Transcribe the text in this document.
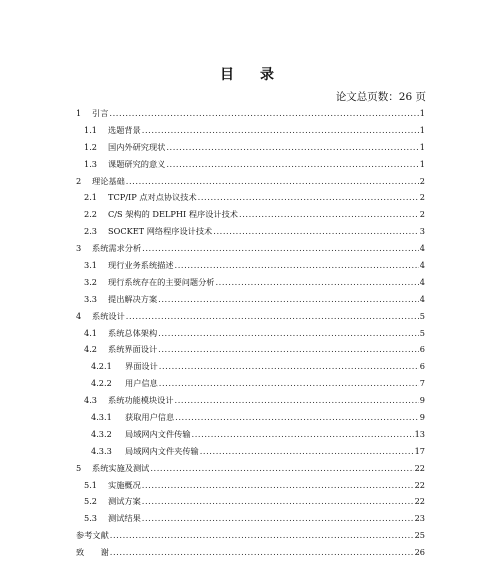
目　录
论文总页数：26 页
1	引言 .....	1
1.1	选题背景 .....	1
1.2	国内外研究现状 .....	1
1.3	课题研究的意义 .....	1
2	理论基础 .....	2
2.1	TCP/IP 点对点协议技术 .....	2
2.2	C/S 架构的 DELPHI 程序设计技术 .....	2
2.3	SOCKET 网络程序设计技术 .....	3
3	系统需求分析 .....	4
3.1	现行业务系统描述 .....	4
3.2	现行系统存在的主要问题分析 .....	4
3.3	提出解决方案 .....	4
4	系统设计 .....	5
4.1	系统总体架构 .....	5
4.2	系统界面设计 .....	6
4.2.1	界面设计 .....	6
4.2.2	用户信息 .....	7
4.3	系统功能模块设计 .....	9
4.3.1	获取用户信息 .....	9
4.3.2	局域网内文件传输 .....	13
4.3.3	局域网内文件夹传输 .....	17
5	系统实施及测试 .....	22
5.1	实施概况 .....	22
5.2	测试方案 .....	22
5.3	测试结果 .....	23
参考文献 .....	25
致　　谢 .....	26
